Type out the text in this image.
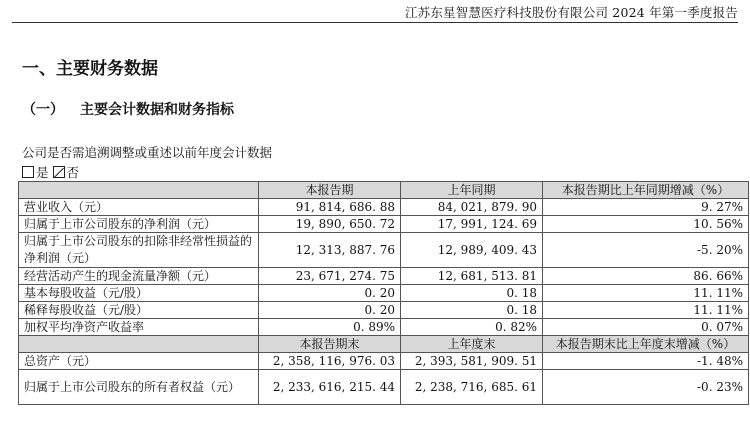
江苏东星智慧医疗科技股份有限公司 2024 年第一季度报告
一、主要财务数据
（一） 主要会计数据和财务指标
公司是否需追溯调整或重述以前年度会计数据
是 否
	本报告期	上年同期	本报告期比上年同期增减（%）
营业收入（元）	91, 814, 686. 88	84, 021, 879. 90	9. 27%
归属于上市公司股东的净利润（元）	19, 890, 650. 72	17, 991, 124. 69	10. 56%
归属于上市公司股东的扣除非经常性损益的净利润（元）	12, 313, 887. 76	12, 989, 409. 43	-5. 20%
经营活动产生的现金流量净额（元）	23, 671, 274. 75	12, 681, 513. 81	86. 66%
基本每股收益（元/股）	0. 20	0. 18	11. 11%
稀释每股收益（元/股）	0. 20	0. 18	11. 11%
加权平均净资产收益率	0. 89%	0. 82%	0. 07%
	本报告期末	上年度末	本报告期末比上年度末增减（%）
总资产（元）	2, 358, 116, 976. 03	2, 393, 581, 909. 51	-1. 48%
归属于上市公司股东的所有者权益（元）	2, 233, 616, 215. 44	2, 238, 716, 685. 61	-0. 23%
